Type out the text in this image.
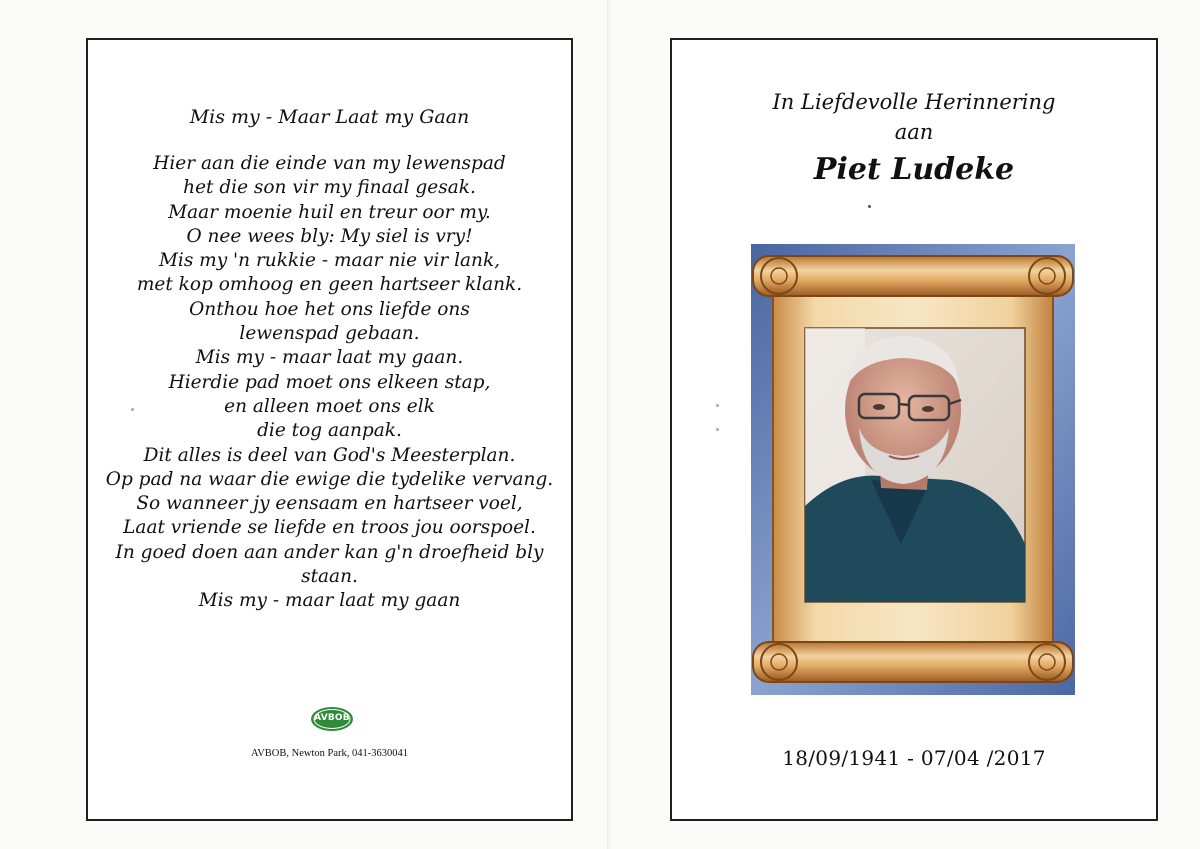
Mis my - Maar Laat my Gaan
Hier aan die einde van my lewenspad
het die son vir my finaal gesak.
Maar moenie huil en treur oor my.
O nee wees bly: My siel is vry!
Mis my 'n rukkie - maar nie vir lank,
met kop omhoog en geen hartseer klank.
Onthou hoe het ons liefde ons
lewenspad gebaan.
Mis my - maar laat my gaan.
Hierdie pad moet ons elkeen stap,
en alleen moet ons elk
die tog aanpak.
Dit alles is deel van God's Meesterplan.
Op pad na waar die ewige die tydelike vervang.
So wanneer jy eensaam en hartseer voel,
Laat vriende se liefde en troos jou oorspoel.
In goed doen aan ander kan g'n droefheid bly
staan.
Mis my - maar laat my gaan
AVBOB
AVBOB, Newton Park, 041-3630041
In Liefdevolle Herinnering
aan
Piet Ludeke
18/09/1941 - 07/04 /2017
